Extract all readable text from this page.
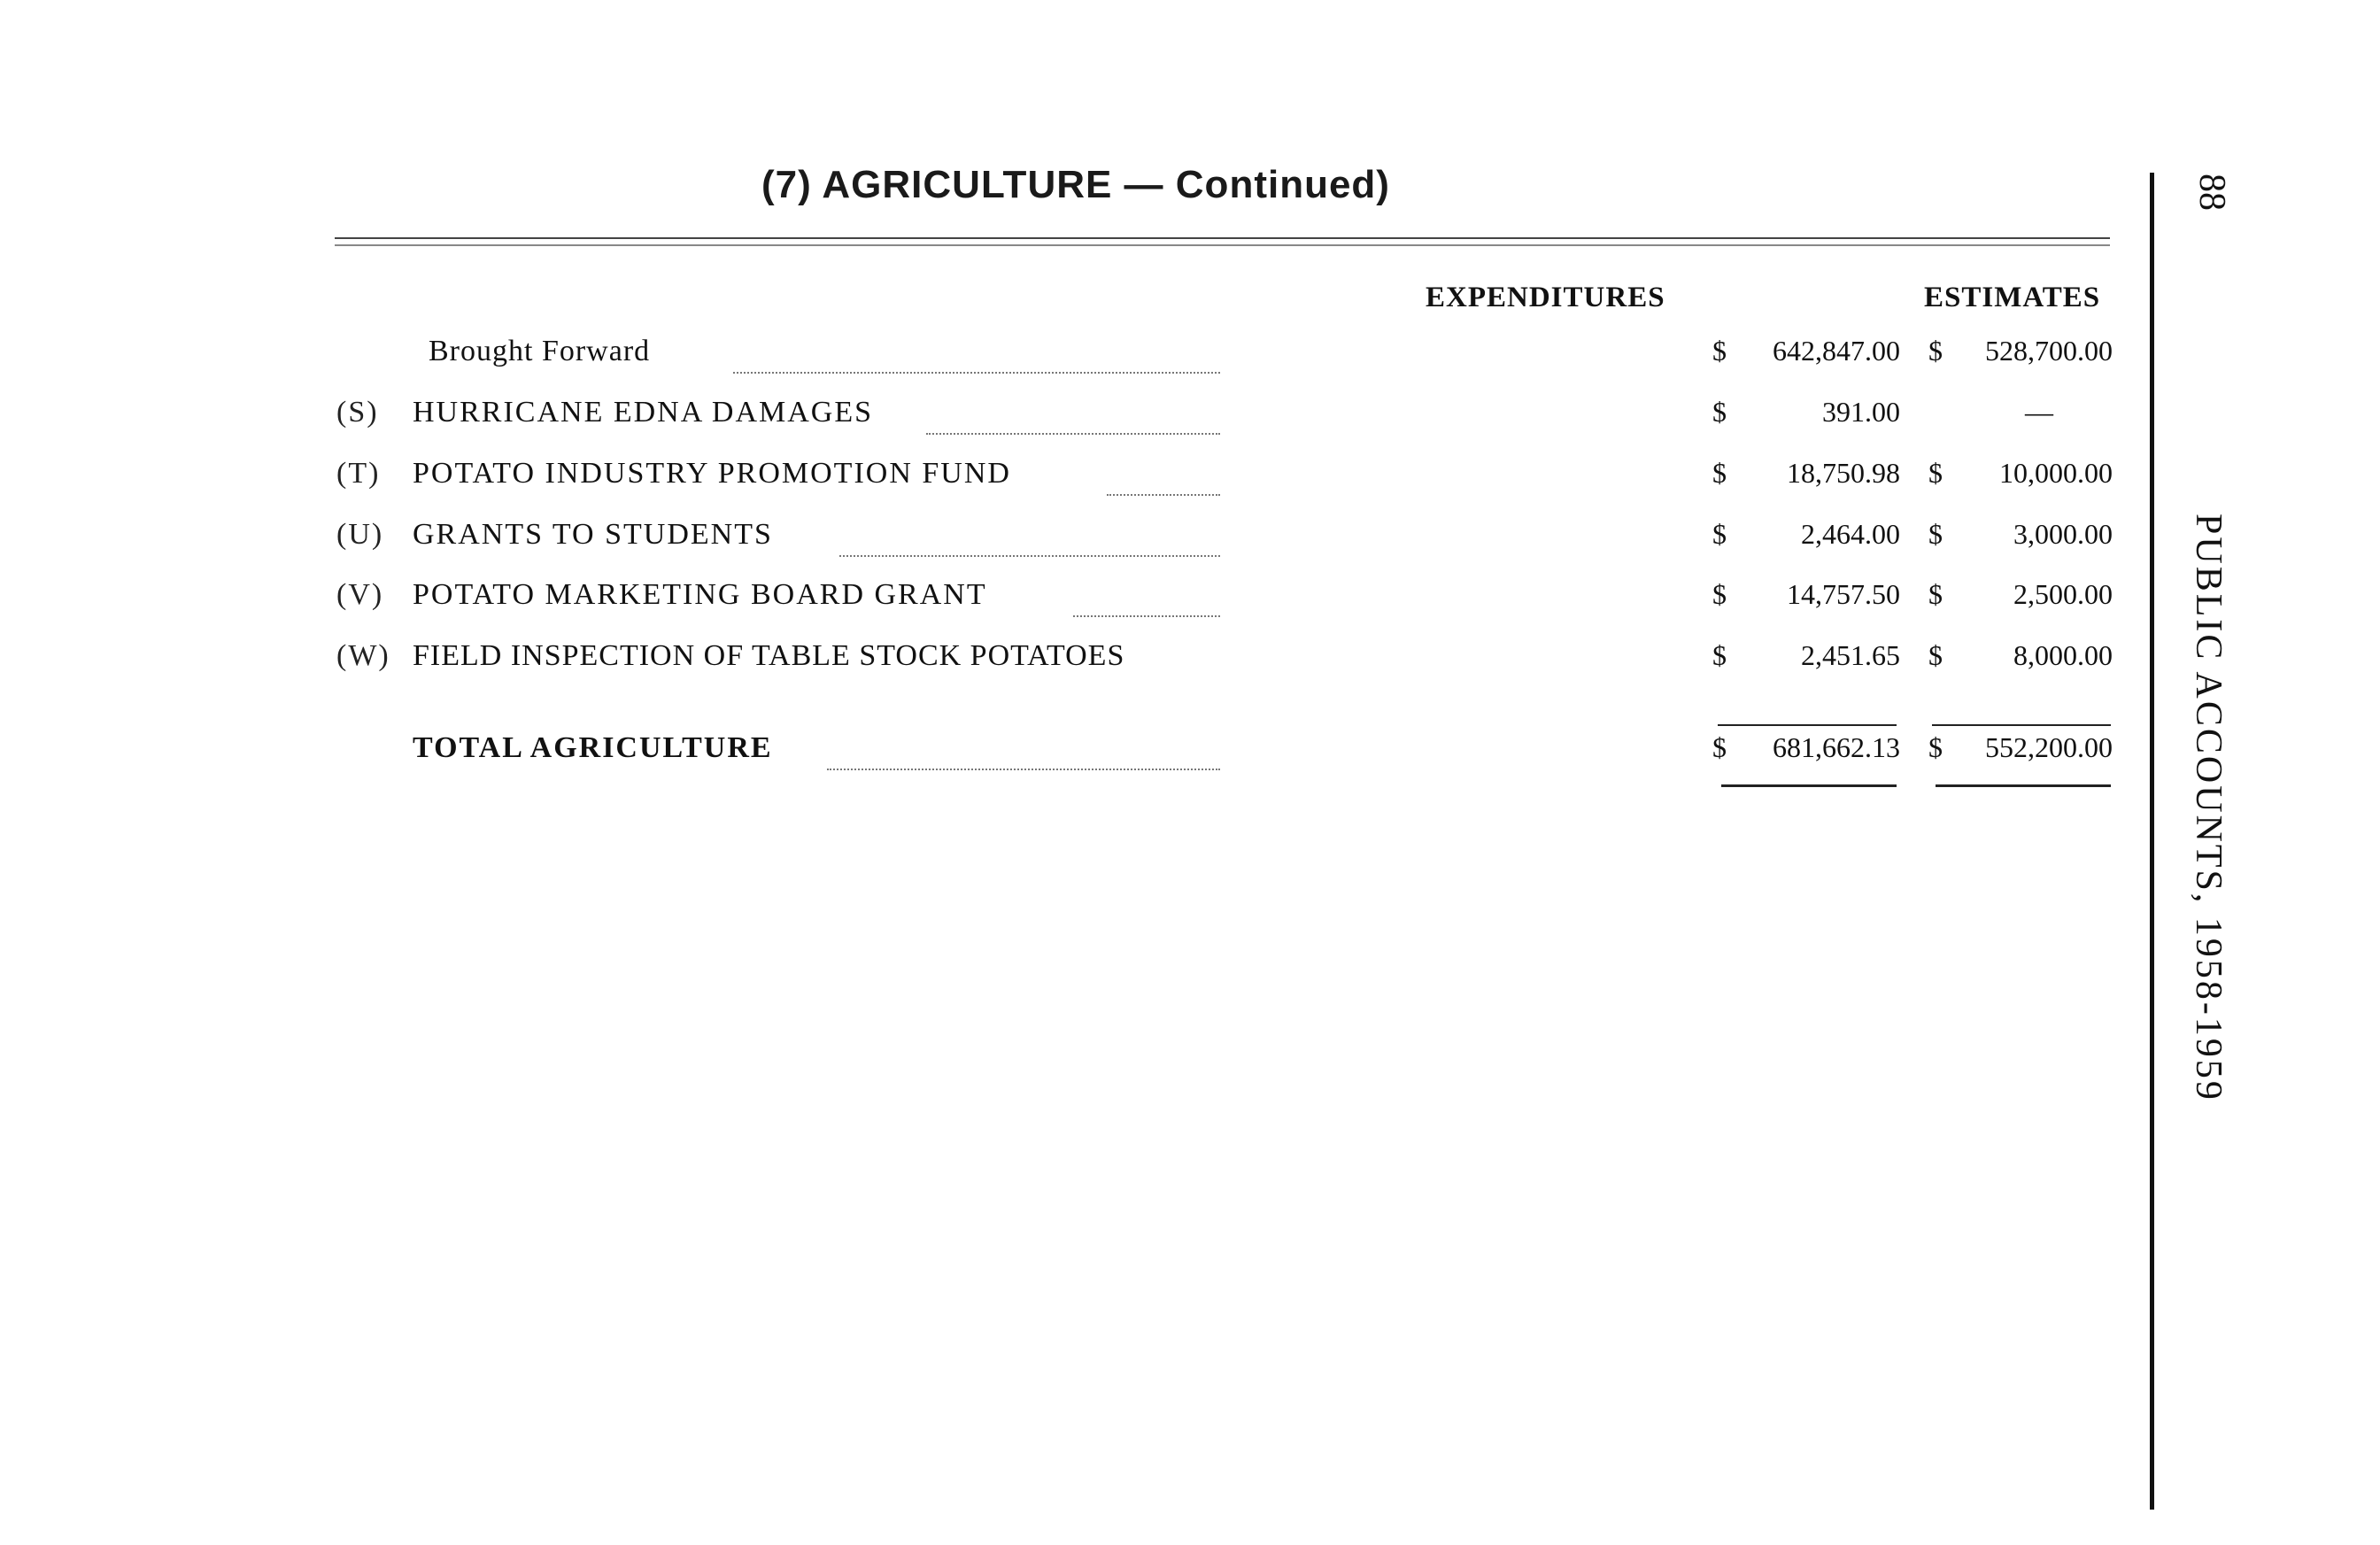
(7) AGRICULTURE — Continued)
EXPENDITURES	ESTIMATES
Brought Forward	$	642,847.00 $	528,700.00
(S) HURRICANE EDNA DAMAGES	$	391.00	—
(T) POTATO INDUSTRY PROMOTION FUND	$	18,750.98 $	10,000.00
(U) GRANTS TO STUDENTS	$	2,464.00 $	3,000.00
(V) POTATO MARKETING BOARD GRANT	$	14,757.50 $	2,500.00
(W) FIELD INSPECTION OF TABLE STOCK POTATOES	$	2,451.65 $	8,000.00
TOTAL AGRICULTURE	$	681,662.13 $	552,200.00
88
PUBLIC ACCOUNTS, 1958-1959
